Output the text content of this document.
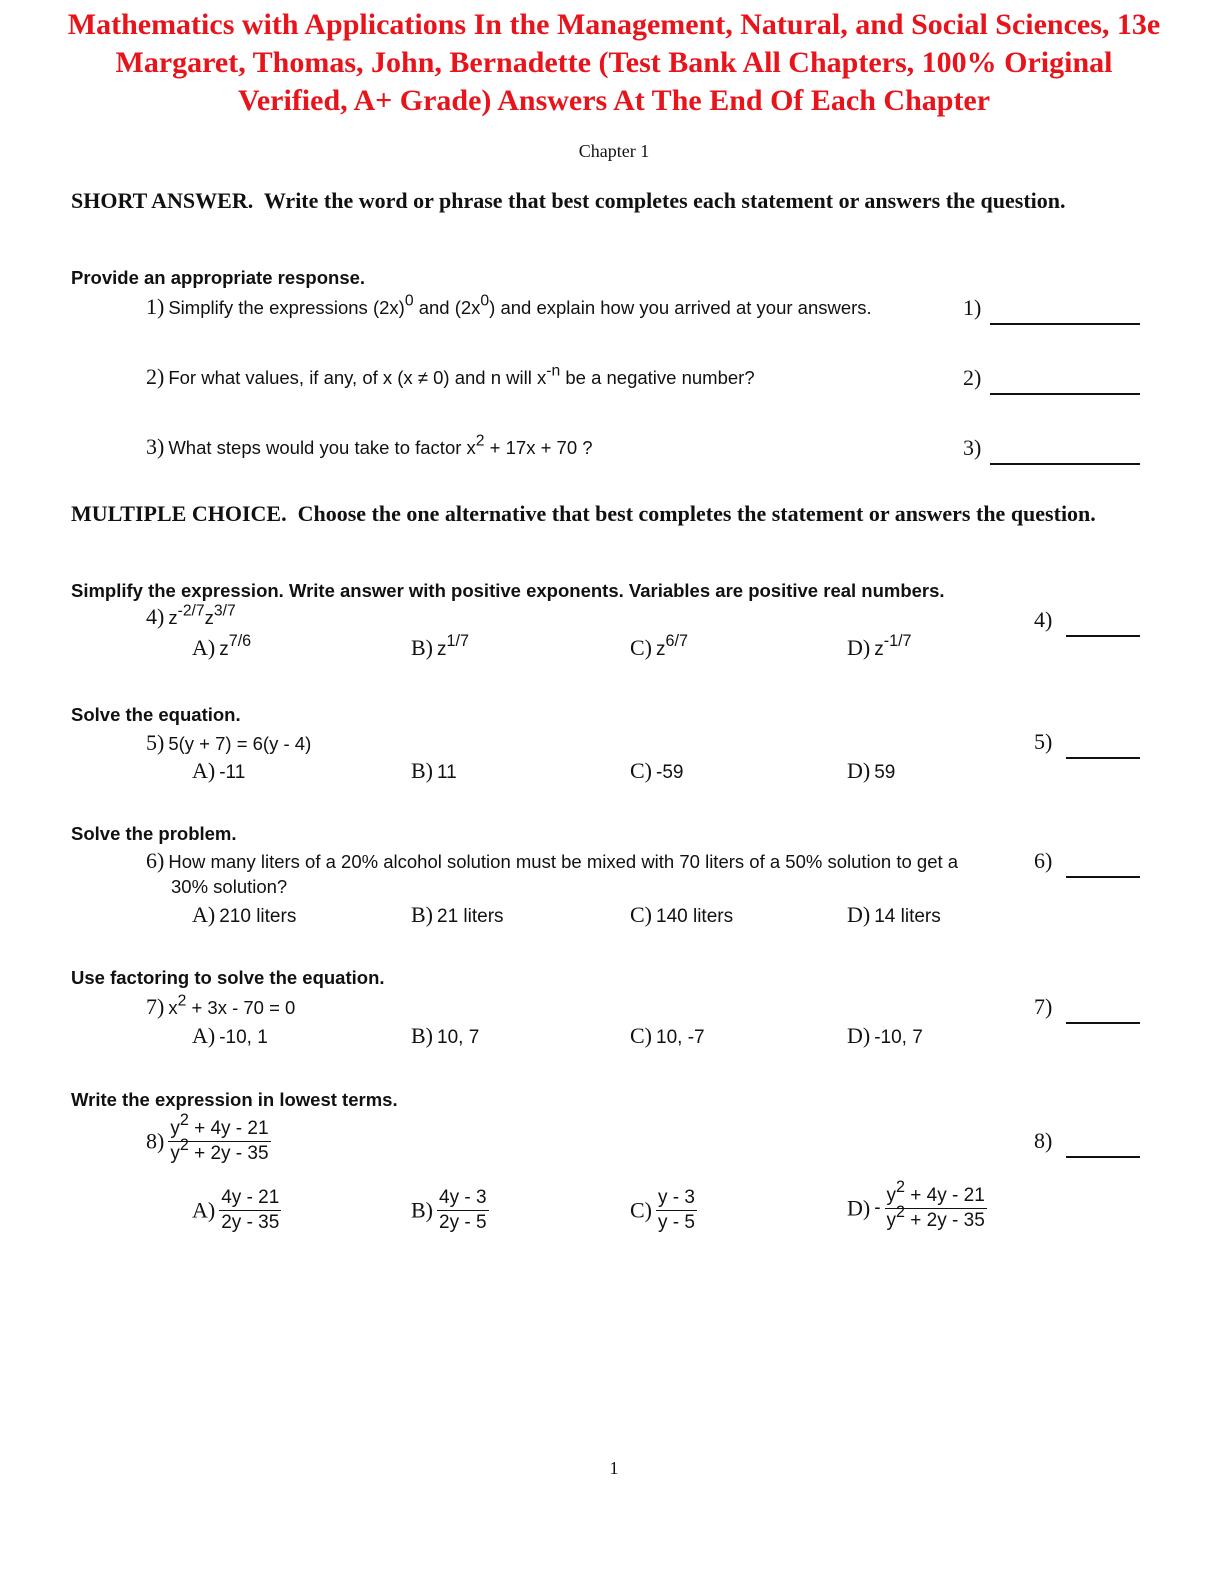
Mathematics with Applications In the Management, Natural, and Social Sciences, 13e Margaret, Thomas, John, Bernadette (Test Bank All Chapters, 100% Original Verified, A+ Grade) Answers At The End Of Each Chapter
Chapter 1
SHORT ANSWER. Write the word or phrase that best completes each statement or answers the question.
Provide an appropriate response.
1) Simplify the expressions $(2x)^0$ and $(2x^0)$ and explain how you arrived at your answers.	1)
2) For what values, if any, of x (x ≠ 0) and n will $x^{-n}$ be a negative number?	2)
3) What steps would you take to factor $x^2 + 17x + 70$ ?	3)
MULTIPLE CHOICE. Choose the one alternative that best completes the statement or answers the question.
Simplify the expression. Write answer with positive exponents. Variables are positive real numbers.
4) $z^{-2/7}z^{3/7}$	4)
A) $z^{7/6}$	B) $z^{1/7}$	C) $z^{6/7}$	D) $z^{-1/7}$
Solve the equation.
5) 5(y + 7) = 6(y - 4)	5)
A) -11	B) 11	C) -59	D) 59
Solve the problem.
6) How many liters of a 20% alcohol solution must be mixed with 70 liters of a 50% solution to get a
30% solution?
6)
A) 210 liters	B) 21 liters	C) 140 liters	D) 14 liters
Use factoring to solve the equation.
7) $x^2 + 3x - 70 = 0$	7)
A) -10, 1	B) 10, 7	C) 10, -7	D) -10, 7
Write the expression in lowest terms.
$8) \frac{y^2 + 4y - 21}{y^2 + 2y - 35}$	8)
$A) \frac{4y - 21}{2y - 35}$	$B) \frac{4y - 3}{2y - 5}$	$C) \frac{y - 3}{y - 5}$	$D) - \frac{y^2 + 4y - 21}{y^2 + 2y - 35}$
1
